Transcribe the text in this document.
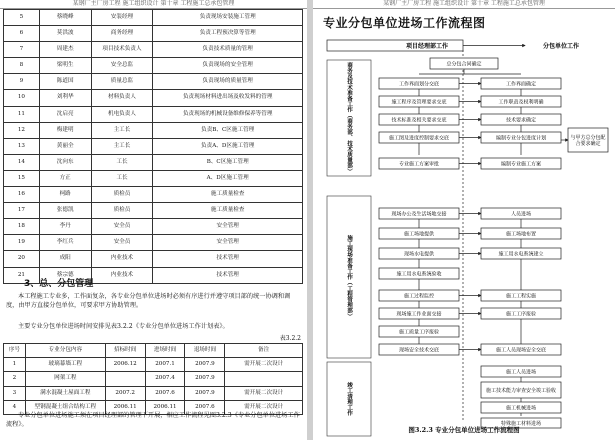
某钢厂主厂房工程 施工组织设计 第十章 工程施工总承包管理
5	蔡晓峰	安装经理	负责现场安装施工管理
6	莫洪波	商务经理	负责工程预决算等管理
7	周建杰	项目技术负责人	负责技术质量的管理
8	梁明生	安全总监	负责现场的安全管理
9	陈道国	质量总监	负责现场的质量管理
10	刘利华	材料负责人	负责现场材料进出场及收发料的管理
11	沈启亮	机电负责人	负责现场的机械设备维修保养等管理
12	梅建明	主工长	负责B、C区施工管理
13	黄丽全	主工长	负责A、D区施工管理
14	沈向东	工长	B、C区施工管理
15	方正	工长	A、D区施工管理
16	柯路	质检员	施工质量检查
17	张德凯	质检员	施工质量检查
18	李丹	安全员	安全管理
19	李红兵	安全员	安全管理
20	成阳	内业技术	技术管理
21	蔡宗德	内业技术	技术管理
3、总、分包管理
本工程施工专业多，工作面复杂，各专业分包单位进场时必须有序进行并遵守项目部的统一协调和调度，由甲方直接分包单位，可要求甲方协助管理。
主要专业分包单位进场时间安排见表3.2.2《专业分包单位进场工作计划表》。
表3.2.2
序号	专业分包内容	招标时间	进场时间	退场时间	备注
1	玻璃幕墙工程	2006.12	2007.1	2007.9	需开展二次设计
2	网架工程		2007.4	2007.9	
3	满水混凝土屋面工程	2007.2	2007.6	2007.9	需开展二次设计
4	型钢混凝土组合结构工程	2006.11	2006.11	2007.6	需开展二次设计
专业分包单位进场施工须在项目经理部的管理下开展，相应工作流程见图3.2.3《专业分包单位进场工作流程》。
某钢厂主厂房工程 施工组织设计 第十章 工程施工总承包管理
专业分包单位进场工作流程图
商务及技术准备工作（商务部、技术质量部）
施工现场准备工作（工程管理部）
竣工清理工作
总分包合同确定
工作界面划分交底	工作界面确定
施工程序及管理要求交底	工作职责及权利明确
技术标准及相关要求交底	技术要求确定
施工图及进度控制要求交底	编制专业分包进度计划
专业施工方案审批	编制专业施工方案
与甲方总分包配合要求确定
现场办公及生活场地交接	人员进场
施工场地提供	施工场地布置
现场水电提供	施工用水电系统建立
施工用水电系统验收
施工过程监控	施工工程实施
现场施工作业面交接	施工工序报验
施工质量工序报验
现场安全技术交底	施工人员现场安全交底
施工人员进场
施工技术能力审查安全竣工验收
施工机械进场
特殊施工材料进场
项目经理部工作	分包单位工作
图3.2.3 专业分包单位进场工作流程图
